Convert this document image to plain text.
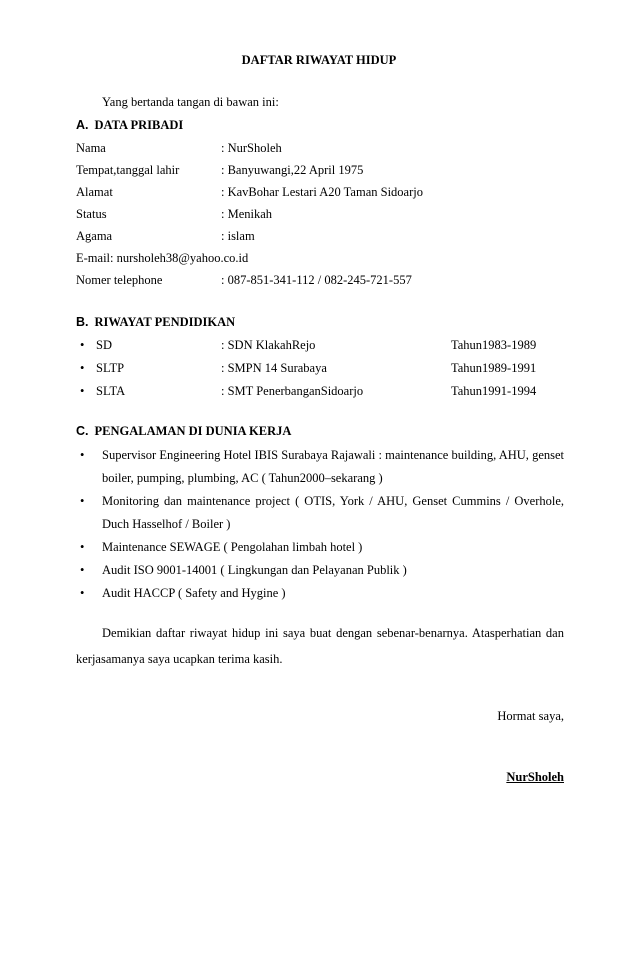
DAFTAR RIWAYAT HIDUP
Yang bertanda tangan di bawan ini:
A. DATA PRIBADI
Nama	: NurSholeh
Tempat,tanggal lahir	: Banyuwangi,22 April 1975
Alamat	: KavBohar Lestari A20 Taman Sidoarjo
Status	: Menikah
Agama	: islam
E-mail: nursholeh38@yahoo.co.id
Nomer telephone	: 087-851-341-112 / 082-245-721-557
B. RIWAYAT PENDIDIKAN
• SD	: SDN KlakahRejo	Tahun1983-1989
• SLTP	: SMPN 14 Surabaya	Tahun1989-1991
• SLTA	: SMT PenerbanganSidoarjo	Tahun1991-1994
C. PENGALAMAN DI DUNIA KERJA
• Supervisor Engineering Hotel IBIS Surabaya Rajawali : maintenance building, AHU, genset boiler, pumping, plumbing, AC ( Tahun2000–sekarang )
• Monitoring dan maintenance project ( OTIS, York / AHU, Genset Cummins / Overhole, Duch Hasselhof / Boiler )
• Maintenance SEWAGE ( Pengolahan limbah hotel )
• Audit ISO 9001-14001 ( Lingkungan dan Pelayanan Publik )
• Audit HACCP ( Safety and Hygine )
Demikian daftar riwayat hidup ini saya buat dengan sebenar-benarnya. Atasperhatian dan kerjasamanya saya ucapkan terima kasih.
Hormat saya,
NurSholeh
